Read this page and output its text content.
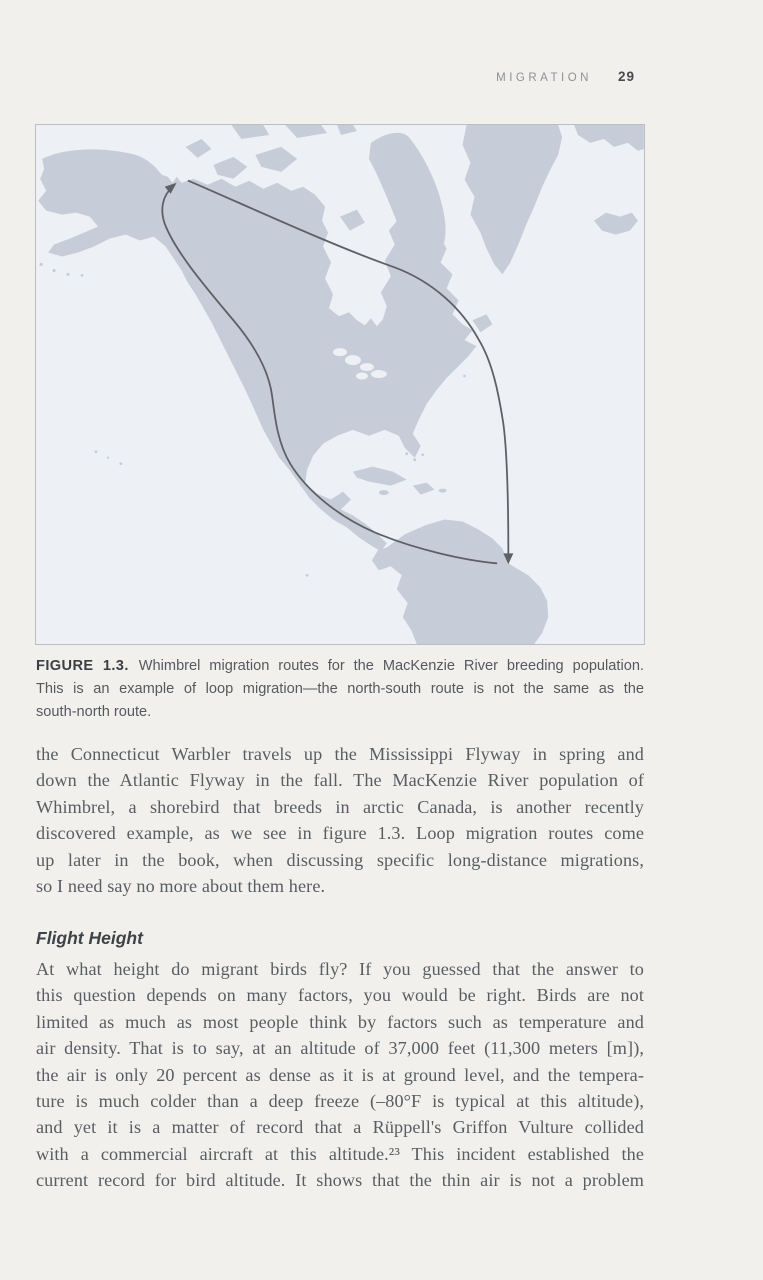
MIGRATION 29
FIGURE 1.3. Whimbrel migration routes for the MacKenzie River breeding population.
This is an example of loop migration—the north-south route is not the same as the
south-north route.
the Connecticut Warbler travels up the Mississippi Flyway in spring and
down the Atlantic Flyway in the fall. The MacKenzie River population of
Whimbrel, a shorebird that breeds in arctic Canada, is another recently
discovered example, as we see in figure 1.3. Loop migration routes come
up later in the book, when discussing specific long-distance migrations,
so I need say no more about them here.
Flight Height
At what height do migrant birds fly? If you guessed that the answer to
this question depends on many factors, you would be right. Birds are not
limited as much as most people think by factors such as temperature and
air density. That is to say, at an altitude of 37,000 feet (11,300 meters [m]),
the air is only 20 percent as dense as it is at ground level, and the tempera-
ture is much colder than a deep freeze (–80°F is typical at this altitude),
and yet it is a matter of record that a Rüppell's Griffon Vulture collided
with a commercial aircraft at this altitude.²³ This incident established the
current record for bird altitude. It shows that the thin air is not a problem
